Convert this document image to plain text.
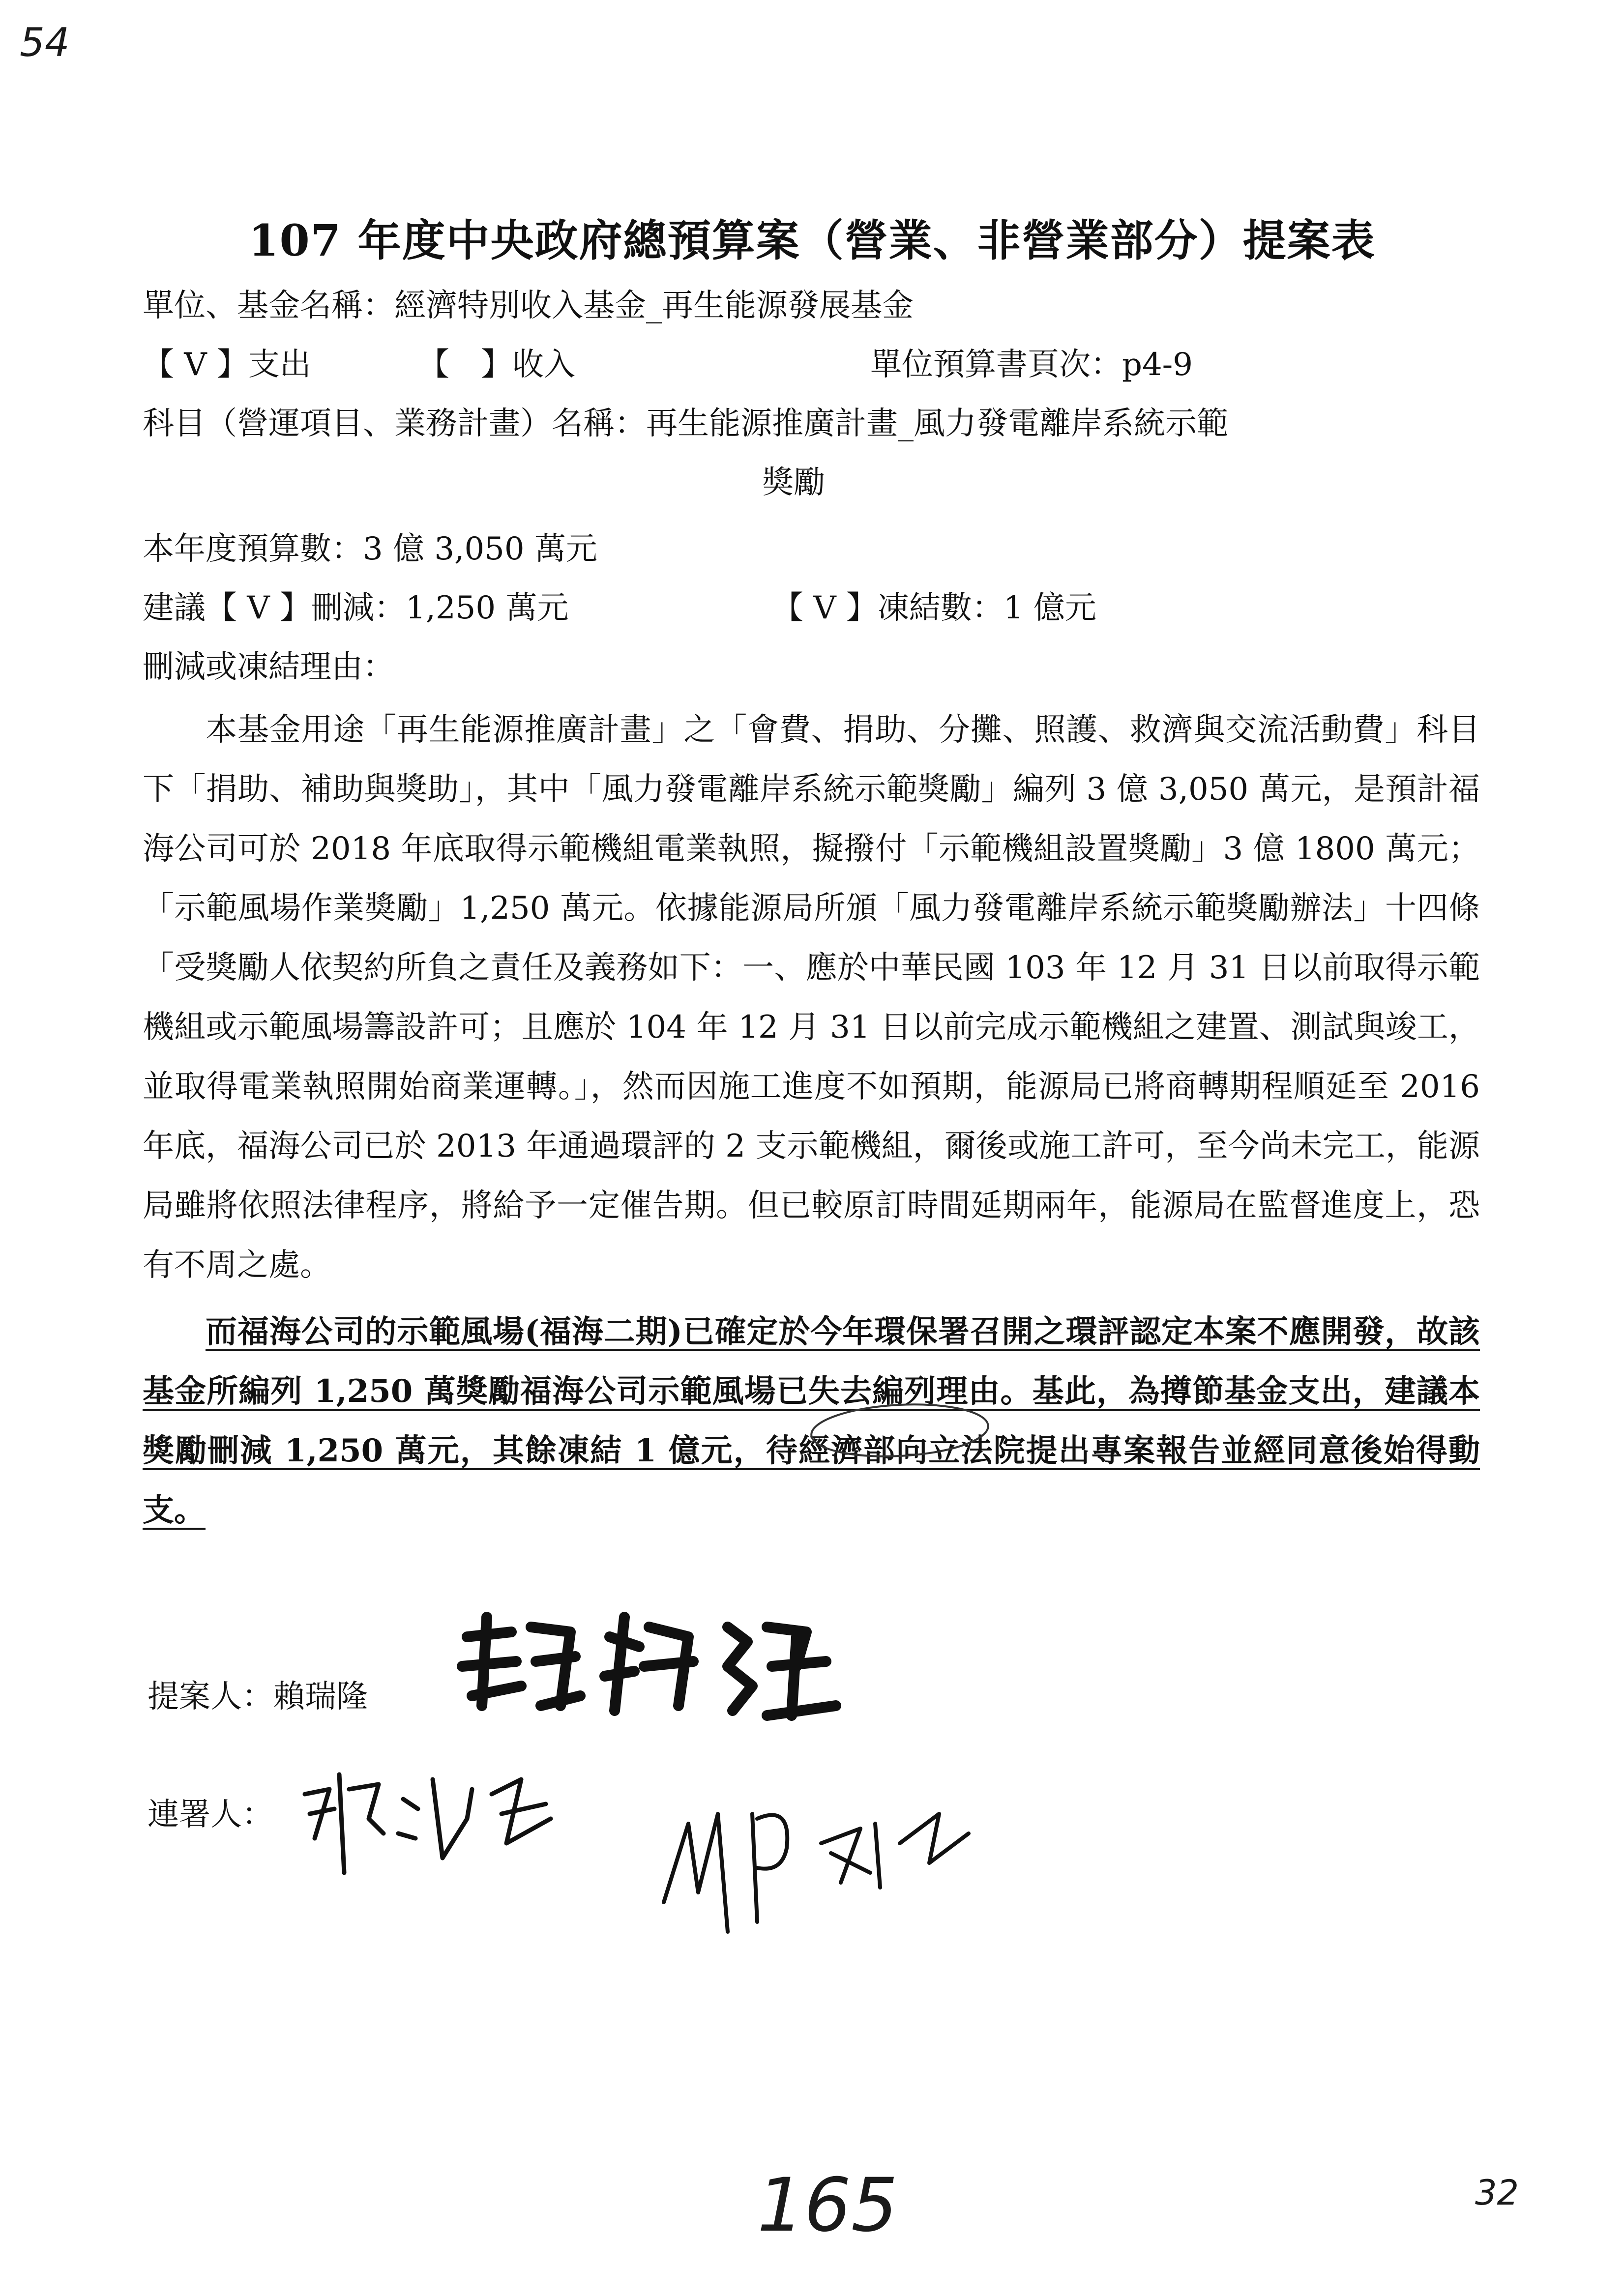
54
107 年度中央政府總預算案（營業、非營業部分）提案表
單位、基金名稱：經濟特別收入基金_再生能源發展基金
【 V 】支出	【　】收入	單位預算書頁次：p4-9
科目（營運項目、業務計畫）名稱：再生能源推廣計畫_風力發電離岸系統示範
獎勵
本年度預算數：3 億 3,050 萬元
建議【 V 】刪減：1,250 萬元	【 V 】凍結數：1 億元
刪減或凍結理由：

本基金用途「再生能源推廣計畫」之「會費、捐助、分攤、照護、救濟與交流活動費」科目下「捐助、補助與獎助」，其中「風力發電離岸系統示範獎勵」編列 3 億 3,050 萬元，是預計福海公司可於 2018 年底取得示範機組電業執照，擬撥付「示範機組設置獎勵」3 億 1800 萬元；「示範風場作業獎勵」1,250 萬元。依據能源局所頒「風力發電離岸系統示範獎勵辦法」十四條「受獎勵人依契約所負之責任及義務如下：一、應於中華民國 103 年 12 月 31 日以前取得示範機組或示範風場籌設許可；且應於 104 年 12 月 31 日以前完成示範機組之建置、測試與竣工，並取得電業執照開始商業運轉。」，然而因施工進度不如預期，能源局已將商轉期程順延至 2016 年底，福海公司已於 2013 年通過環評的 2 支示範機組，爾後或施工許可，至今尚未完工，能源局雖將依照法律程序，將給予一定催告期。但已較原訂時間延期兩年，能源局在監督進度上，恐有不周之處。

而福海公司的示範風場(福海二期)已確定於今年環保署召開之環評認定本案不應開發，故該基金所編列 1,250 萬獎勵福海公司示範風場已失去編列理由。基此，為撙節基金支出，建議本獎勵刪減 1,250 萬元，其餘凍結 1 億元，待經濟部向立法院提出專案報告並經同意後始得動支。

提案人：賴瑞隆
連署人：
165	32
